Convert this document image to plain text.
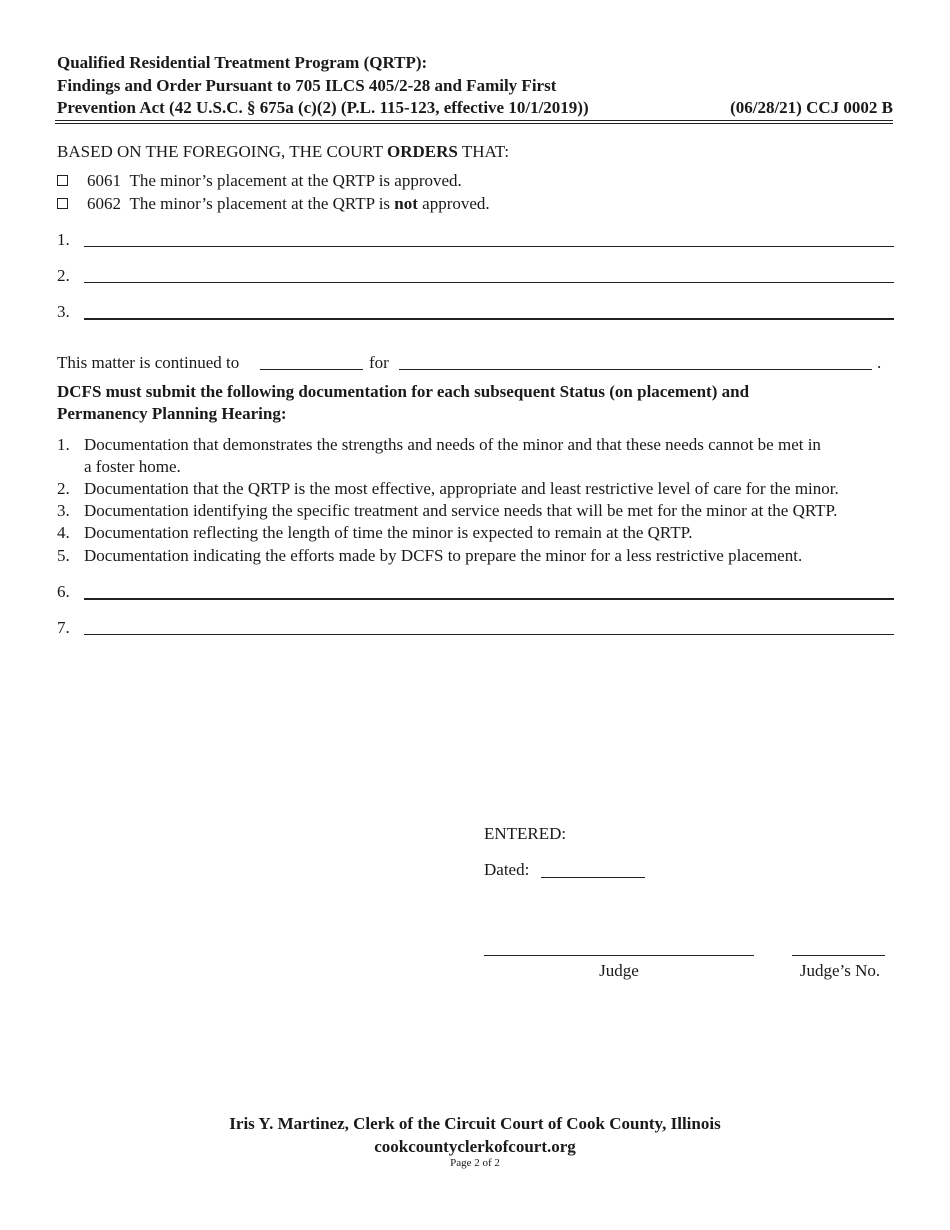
Qualified Residential Treatment Program (QRTP):
Findings and Order Pursuant to 705 ILCS 405/2-28 and Family First
Prevention Act (42 U.S.C. § 675a (c)(2) (P.L. 115-123, effective 10/1/2019))	(06/28/21) CCJ 0002 B
BASED ON THE FOREGOING, THE COURT ORDERS THAT:
6061 The minor’s placement at the QRTP is approved.
6062 The minor’s placement at the QRTP is not approved.
1.
2.
3.
This matter is continued to	for	.
DCFS must submit the following documentation for each subsequent Status (on placement) and
Permanency Planning Hearing:
1. Documentation that demonstrates the strengths and needs of the minor and that these needs cannot be met in
a foster home.
2. Documentation that the QRTP is the most effective, appropriate and least restrictive level of care for the minor.
3. Documentation identifying the specific treatment and service needs that will be met for the minor at the QRTP.
4. Documentation reflecting the length of time the minor is expected to remain at the QRTP.
5. Documentation indicating the efforts made by DCFS to prepare the minor for a less restrictive placement.
6.
7.
ENTERED:
Dated:
Judge	Judge’s No.
Iris Y. Martinez, Clerk of the Circuit Court of Cook County, Illinois
cookcountyclerkofcourt.org
Page 2 of 2
